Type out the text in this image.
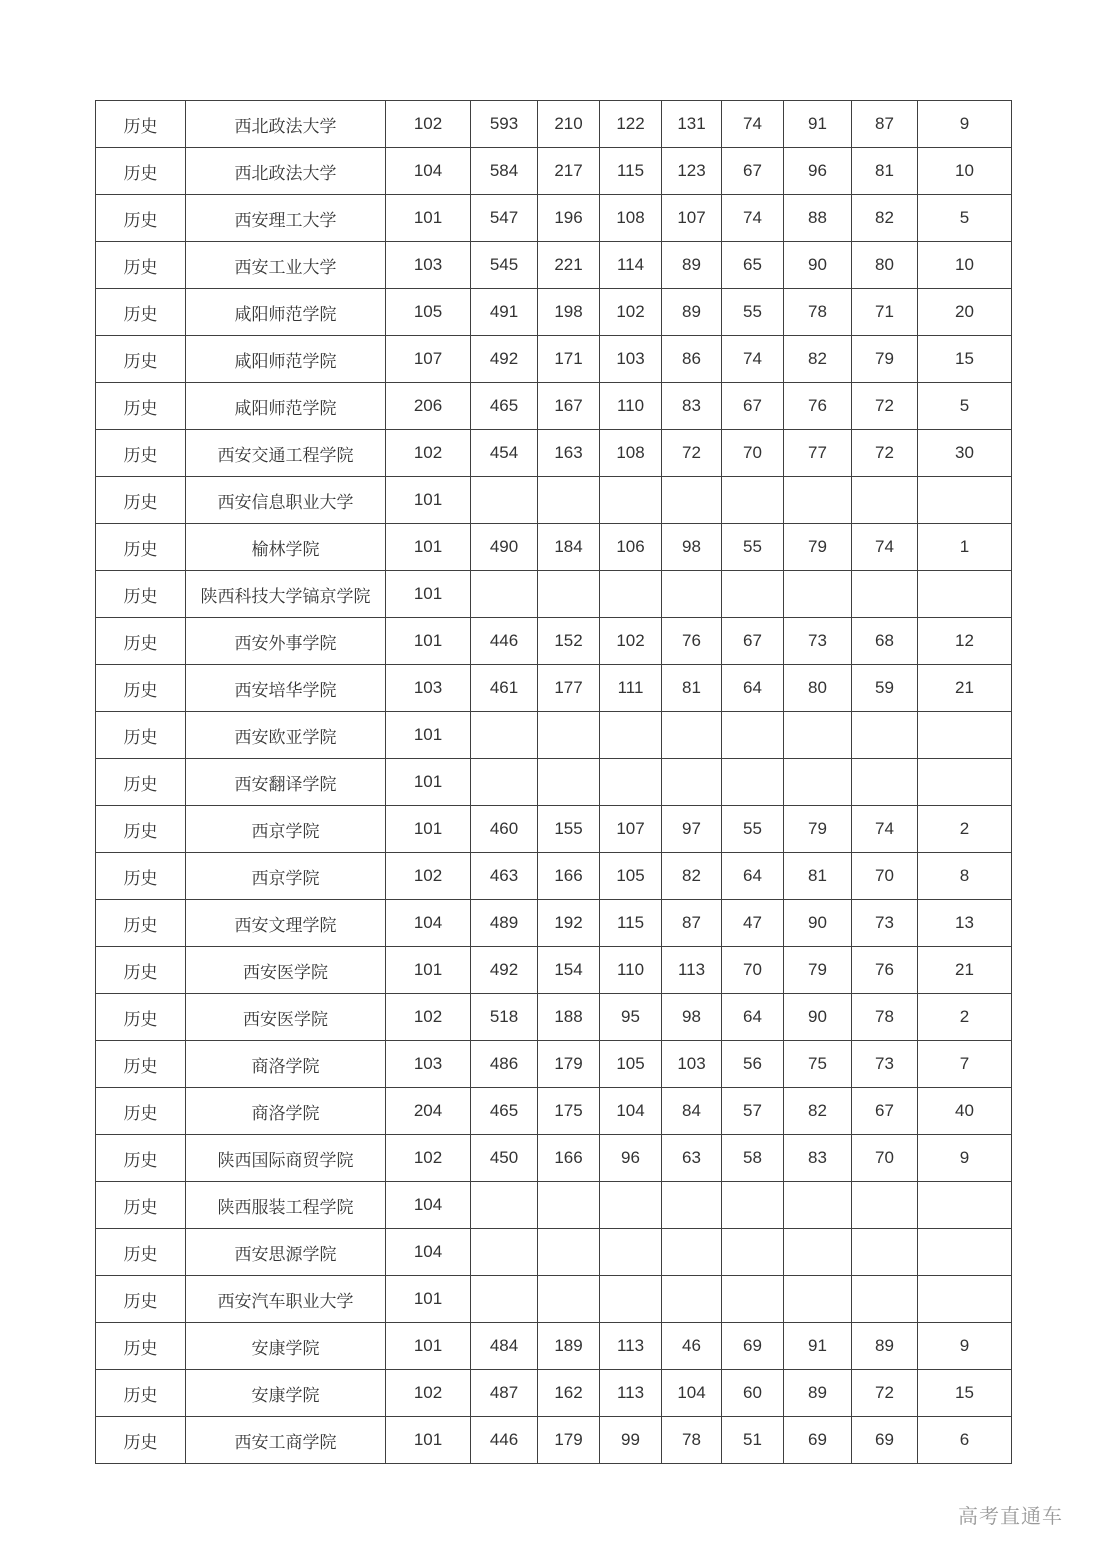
历史	西北政法大学	102	593	210	122	131	74	91	87	9
历史	西北政法大学	104	584	217	115	123	67	96	81	10
历史	西安理工大学	101	547	196	108	107	74	88	82	5
历史	西安工业大学	103	545	221	114	89	65	90	80	10
历史	咸阳师范学院	105	491	198	102	89	55	78	71	20
历史	咸阳师范学院	107	492	171	103	86	74	82	79	15
历史	咸阳师范学院	206	465	167	110	83	67	76	72	5
历史	西安交通工程学院	102	454	163	108	72	70	77	72	30
历史	西安信息职业大学	101								
历史	榆林学院	101	490	184	106	98	55	79	74	1
历史	陕西科技大学镐京学院	101								
历史	西安外事学院	101	446	152	102	76	67	73	68	12
历史	西安培华学院	103	461	177	111	81	64	80	59	21
历史	西安欧亚学院	101								
历史	西安翻译学院	101								
历史	西京学院	101	460	155	107	97	55	79	74	2
历史	西京学院	102	463	166	105	82	64	81	70	8
历史	西安文理学院	104	489	192	115	87	47	90	73	13
历史	西安医学院	101	492	154	110	113	70	79	76	21
历史	西安医学院	102	518	188	95	98	64	90	78	2
历史	商洛学院	103	486	179	105	103	56	75	73	7
历史	商洛学院	204	465	175	104	84	57	82	67	40
历史	陕西国际商贸学院	102	450	166	96	63	58	83	70	9
历史	陕西服装工程学院	104								
历史	西安思源学院	104								
历史	西安汽车职业大学	101								
历史	安康学院	101	484	189	113	46	69	91	89	9
历史	安康学院	102	487	162	113	104	60	89	72	15
历史	西安工商学院	101	446	179	99	78	51	69	69	6
高考直通车
